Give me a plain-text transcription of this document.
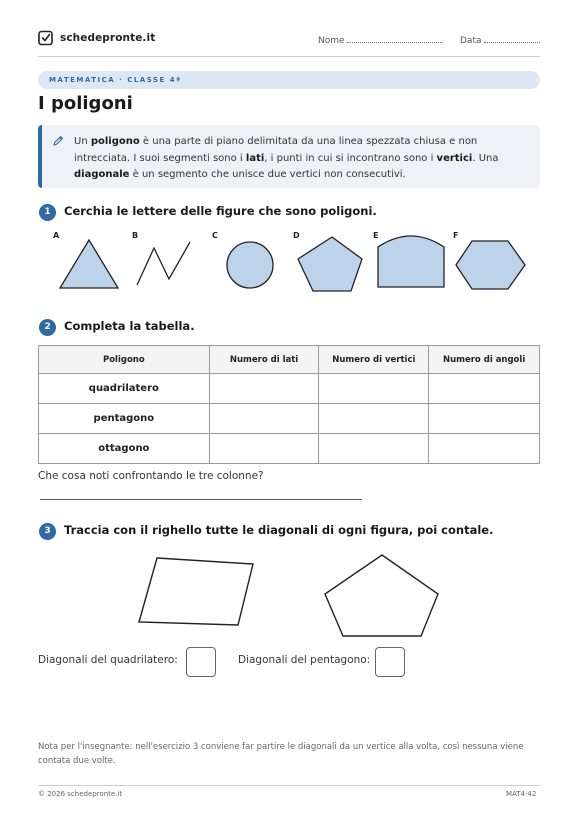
schedepronte.it	Nome	Data
MATEMATICA · CLASSE 4ª
I poligoni
Un poligono è una parte di piano delimitata da una linea spezzata chiusa e non intrecciata. I suoi segmenti sono i lati, i punti in cui si incontrano sono i vertici. Una diagonale è un segmento che unisce due vertici non consecutivi.
1	Cerchia le lettere delle figure che sono poligoni.
A	B	C	D	E	F
2	Completa la tabella.
Poligono	Numero di lati	Numero di vertici	Numero di angoli
quadrilatero			
pentagono			
ottagono			
Che cosa noti confrontando le tre colonne?
3	Traccia con il righello tutte le diagonali di ogni figura, poi contale.
Diagonali del quadrilatero:	Diagonali del pentagono:
Nota per l'insegnante: nell'esercizio 3 conviene far partire le diagonali da un vertice alla volta, così nessuna viene contata due volte.
© 2026 schedepronte.it	MAT4-42
